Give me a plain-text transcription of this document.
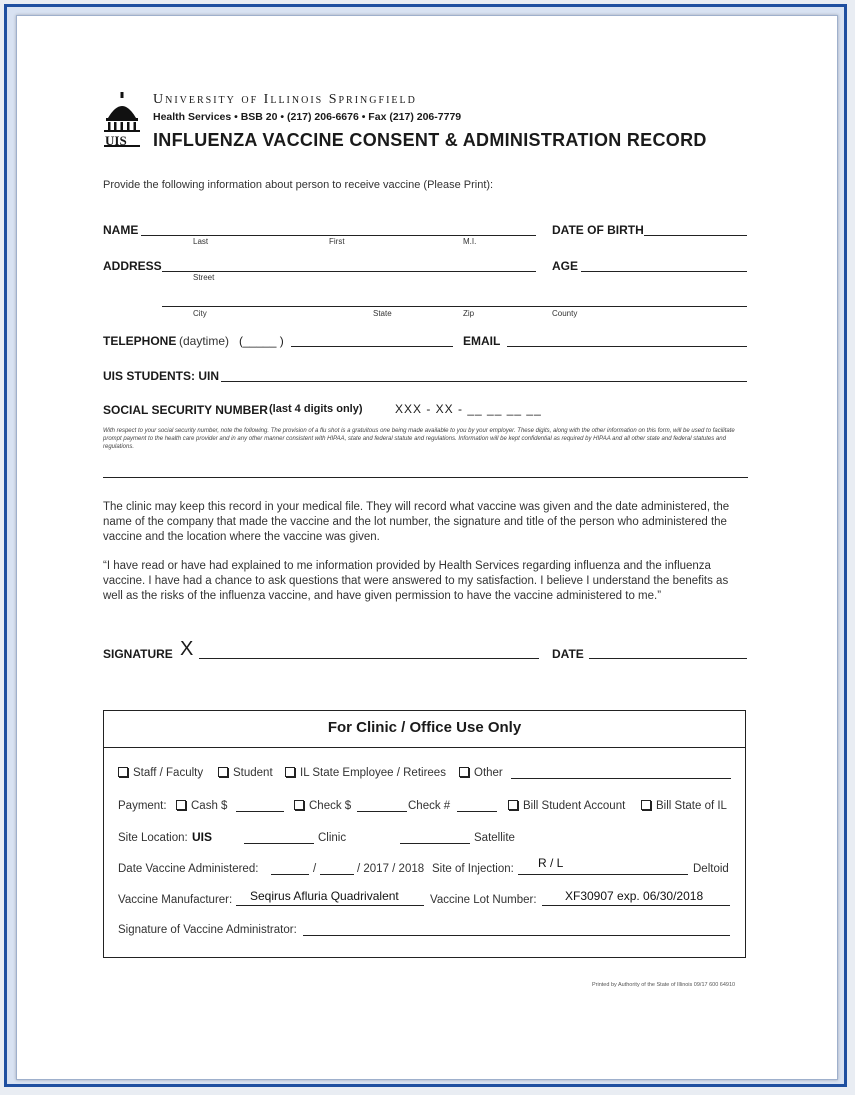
UIS
University of Illinois Springfield
Health Services • BSB 20 • (217) 206-6676 • Fax (217) 206-7779
INFLUENZA VACCINE CONSENT & ADMINISTRATION RECORD
Provide the following information about person to receive vaccine (Please Print):
NAME
Last	First	M.I.
DATE OF BIRTH
ADDRESS
Street
AGE
City	State	Zip	County
TELEPHONE (daytime) (_____ )	EMAIL
UIS STUDENTS: UIN
SOCIAL SECURITY NUMBER (last 4 digits only)	XXX - XX - __ __ __ __
With respect to your social security number, note the following. The provision of a flu shot is a gratuitous one being made available to you by your employer. These digits, along with the other information on this form, will be used to facilitate prompt payment to the health care provider and in any other manner consistent with HIPAA, state and federal statute and regulations. Information will be kept confidential as required by HIPAA and all other state and federal statutes and regulations.
The clinic may keep this record in your medical file. They will record what vaccine was given and the date administered, the name of the company that made the vaccine and the lot number, the signature and title of the person who administered the vaccine and the location where the vaccine was given.
“I have read or have had explained to me information provided by Health Services regarding influenza and the influenza vaccine. I have had a chance to ask questions that were answered to my satisfaction. I believe I understand the benefits as well as the risks of the influenza vaccine, and have given permission to have the vaccine administered to me.”
SIGNATURE X	DATE
For Clinic / Office Use Only
Staff / Faculty	Student	IL State Employee / Retirees	Other
Payment:	Cash $	Check $	Check #	Bill Student Account	Bill State of IL
Site Location: UIS	Clinic	Satellite
Date Vaccine Administered:	/	/ 2017 / 2018 Site of Injection: R / L	Deltoid
Vaccine Manufacturer: Seqirus Afluria Quadrivalent	Vaccine Lot Number: XF30907 exp. 06/30/2018
Signature of Vaccine Administrator:
Printed by Authority of the State of Illinois 09/17 600 64910
